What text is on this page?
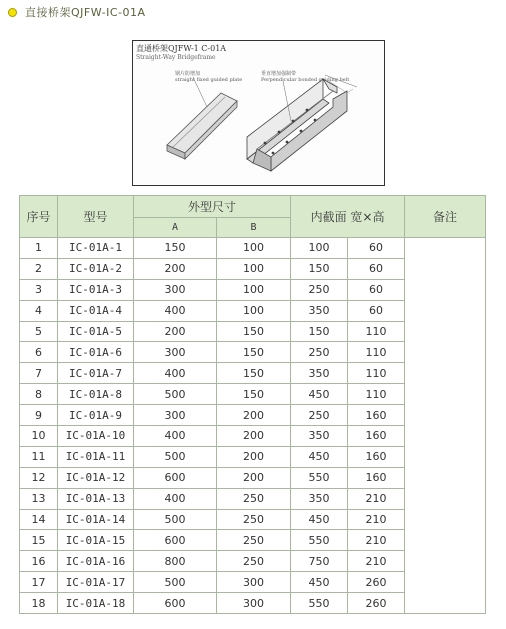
直接桥架QJFW-IC-01A
直通桥架QJFW-1 C-01A
Straight-Way Bridgeframe
钢片防增加
straight fixed guided plate
垂直增加强制带
Perpendicular bonded guiding belt
序号	型号	外型尺寸		内截面 宽×高		备注
		A	B			
1	IC-01A-1	150	100	100	60	
2	IC-01A-2	200	100	150	60	
3	IC-01A-3	300	100	250	60	
4	IC-01A-4	400	100	350	60	
5	IC-01A-5	200	150	150	110	
6	IC-01A-6	300	150	250	110	
7	IC-01A-7	400	150	350	110	
8	IC-01A-8	500	150	450	110	
9	IC-01A-9	300	200	250	160	
10	IC-01A-10	400	200	350	160	
11	IC-01A-11	500	200	450	160	
12	IC-01A-12	600	200	550	160	
13	IC-01A-13	400	250	350	210	
14	IC-01A-14	500	250	450	210	
15	IC-01A-15	600	250	550	210	
16	IC-01A-16	800	250	750	210	
17	IC-01A-17	500	300	450	260	
18	IC-01A-18	600	300	550	260	
